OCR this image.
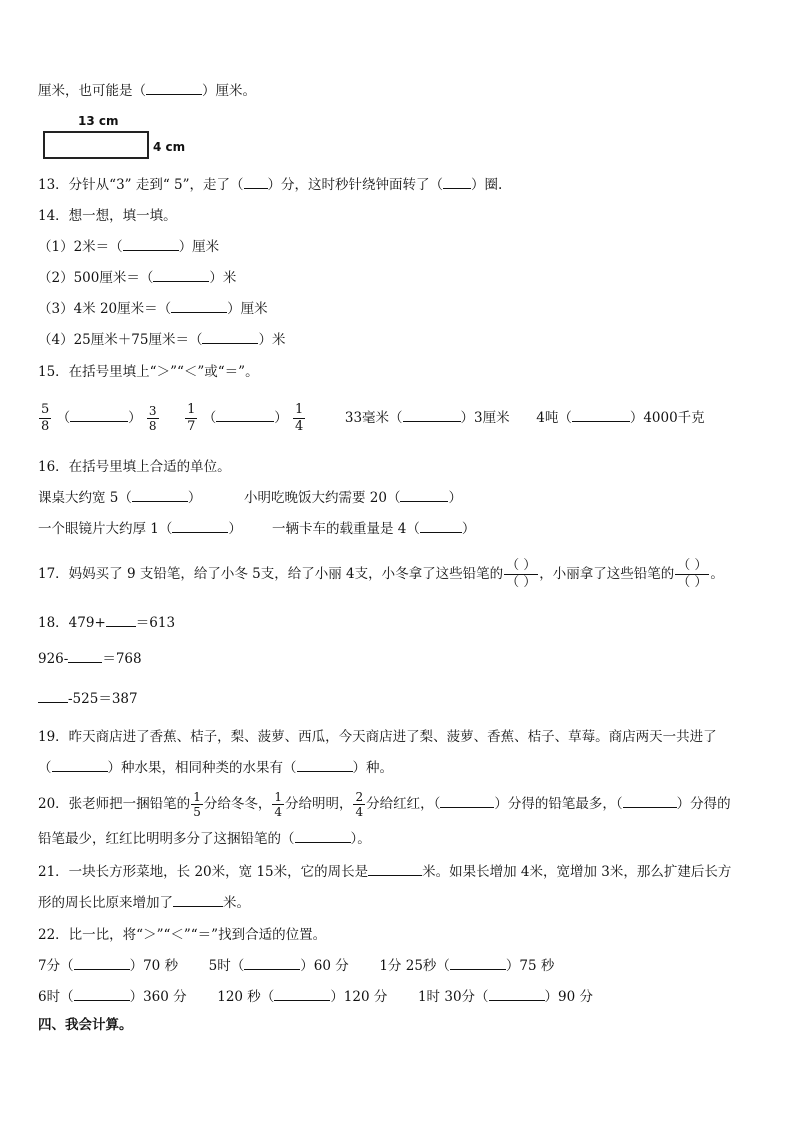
厘米，也可能是（	）厘米。
13 cm
4 cm
13．分针从“3” 走到“ 5”，走了（ ）分，这时秒针绕钟面转了（ ）圈.
14．想一想，填一填。
（1）2米＝（	）厘米
（2）500厘米＝（	）米
（3）4米 20厘米＝（	）厘米
（4）25厘米＋75厘米＝（	）米
15．在括号里填上“＞”“＜”或“＝”。
$\frac{5}{8}$ （	） $\frac{3}{8}$
$\frac{1}{7}$ （	） $\frac{1}{4}$	33毫米（	）3厘米 4吨（	）4000千克
16．在括号里填上合适的单位。
课桌大约宽 5（	）	小明吃晚饭大约需要 20（	）
一个眼镜片大约厚 1（	） 一辆卡车的载重量是 4（	）
17．妈妈买了 9 支铅笔，给了小冬 5支，给了小丽 4支，小冬拿了这些铅笔的 $\frac{( )}{( )}$ ，小丽拿了这些铅笔的 $\frac{( )}{( )}$ 。
18．479+ ＝613
926-	＝768
-525＝387
19．昨天商店进了香蕉、桔子，梨、菠萝、西瓜，今天商店进了梨、菠萝、香蕉、桔子、草莓。商店两天一共进了
（	）种水果，相同种类的水果有（	）种。
20．张老师把一捆铅笔的 $\frac{1}{5}$ 分给冬冬， $\frac{1}{4}$ 分给明明， $\frac{2}{4}$ 分给红红，（	）分得的铅笔最多，（	）分得的
铅笔最少，红红比明明多分了这捆铅笔的（	）。
21．一块长方形菜地，长 20米，宽 15米，它的周长是	米。如果长增加 4米，宽增加 3米，那么扩建后长方
形的周长比原来增加了	米。
22．比一比，将“＞”“＜”“＝”找到合适的位置。
7分（	）70 秒 5时（	）60 分 1分 25秒（	）75 秒
6时（	）360 分 120 秒（	）120 分 1时 30分（	）90 分
四、我会计算。
